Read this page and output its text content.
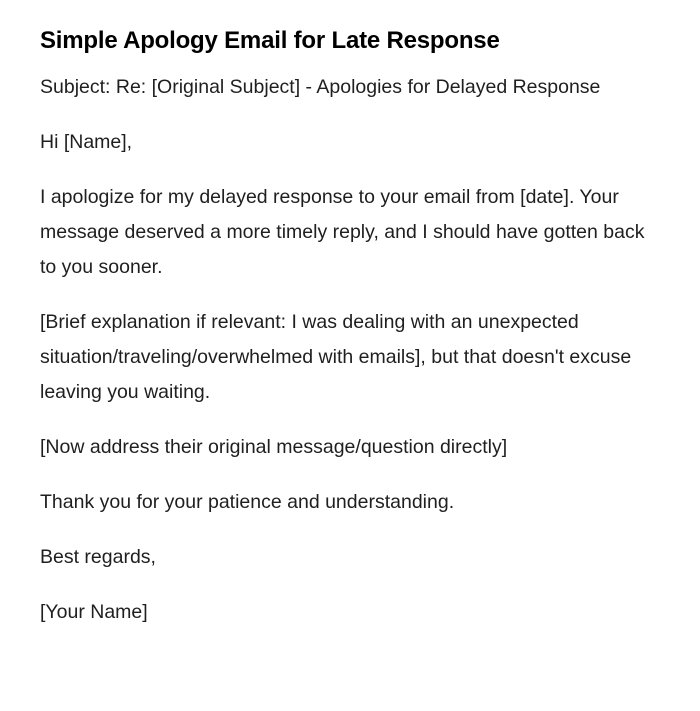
Simple Apology Email for Late Response

Subject: Re: [Original Subject] - Apologies for Delayed Response

Hi [Name],

I apologize for my delayed response to your email from [date]. Your message deserved a more timely reply, and I should have gotten back to you sooner.

[Brief explanation if relevant: I was dealing with an unexpected situation/traveling/overwhelmed with emails], but that doesn't excuse leaving you waiting.

[Now address their original message/question directly]

Thank you for your patience and understanding.

Best regards,

[Your Name]
